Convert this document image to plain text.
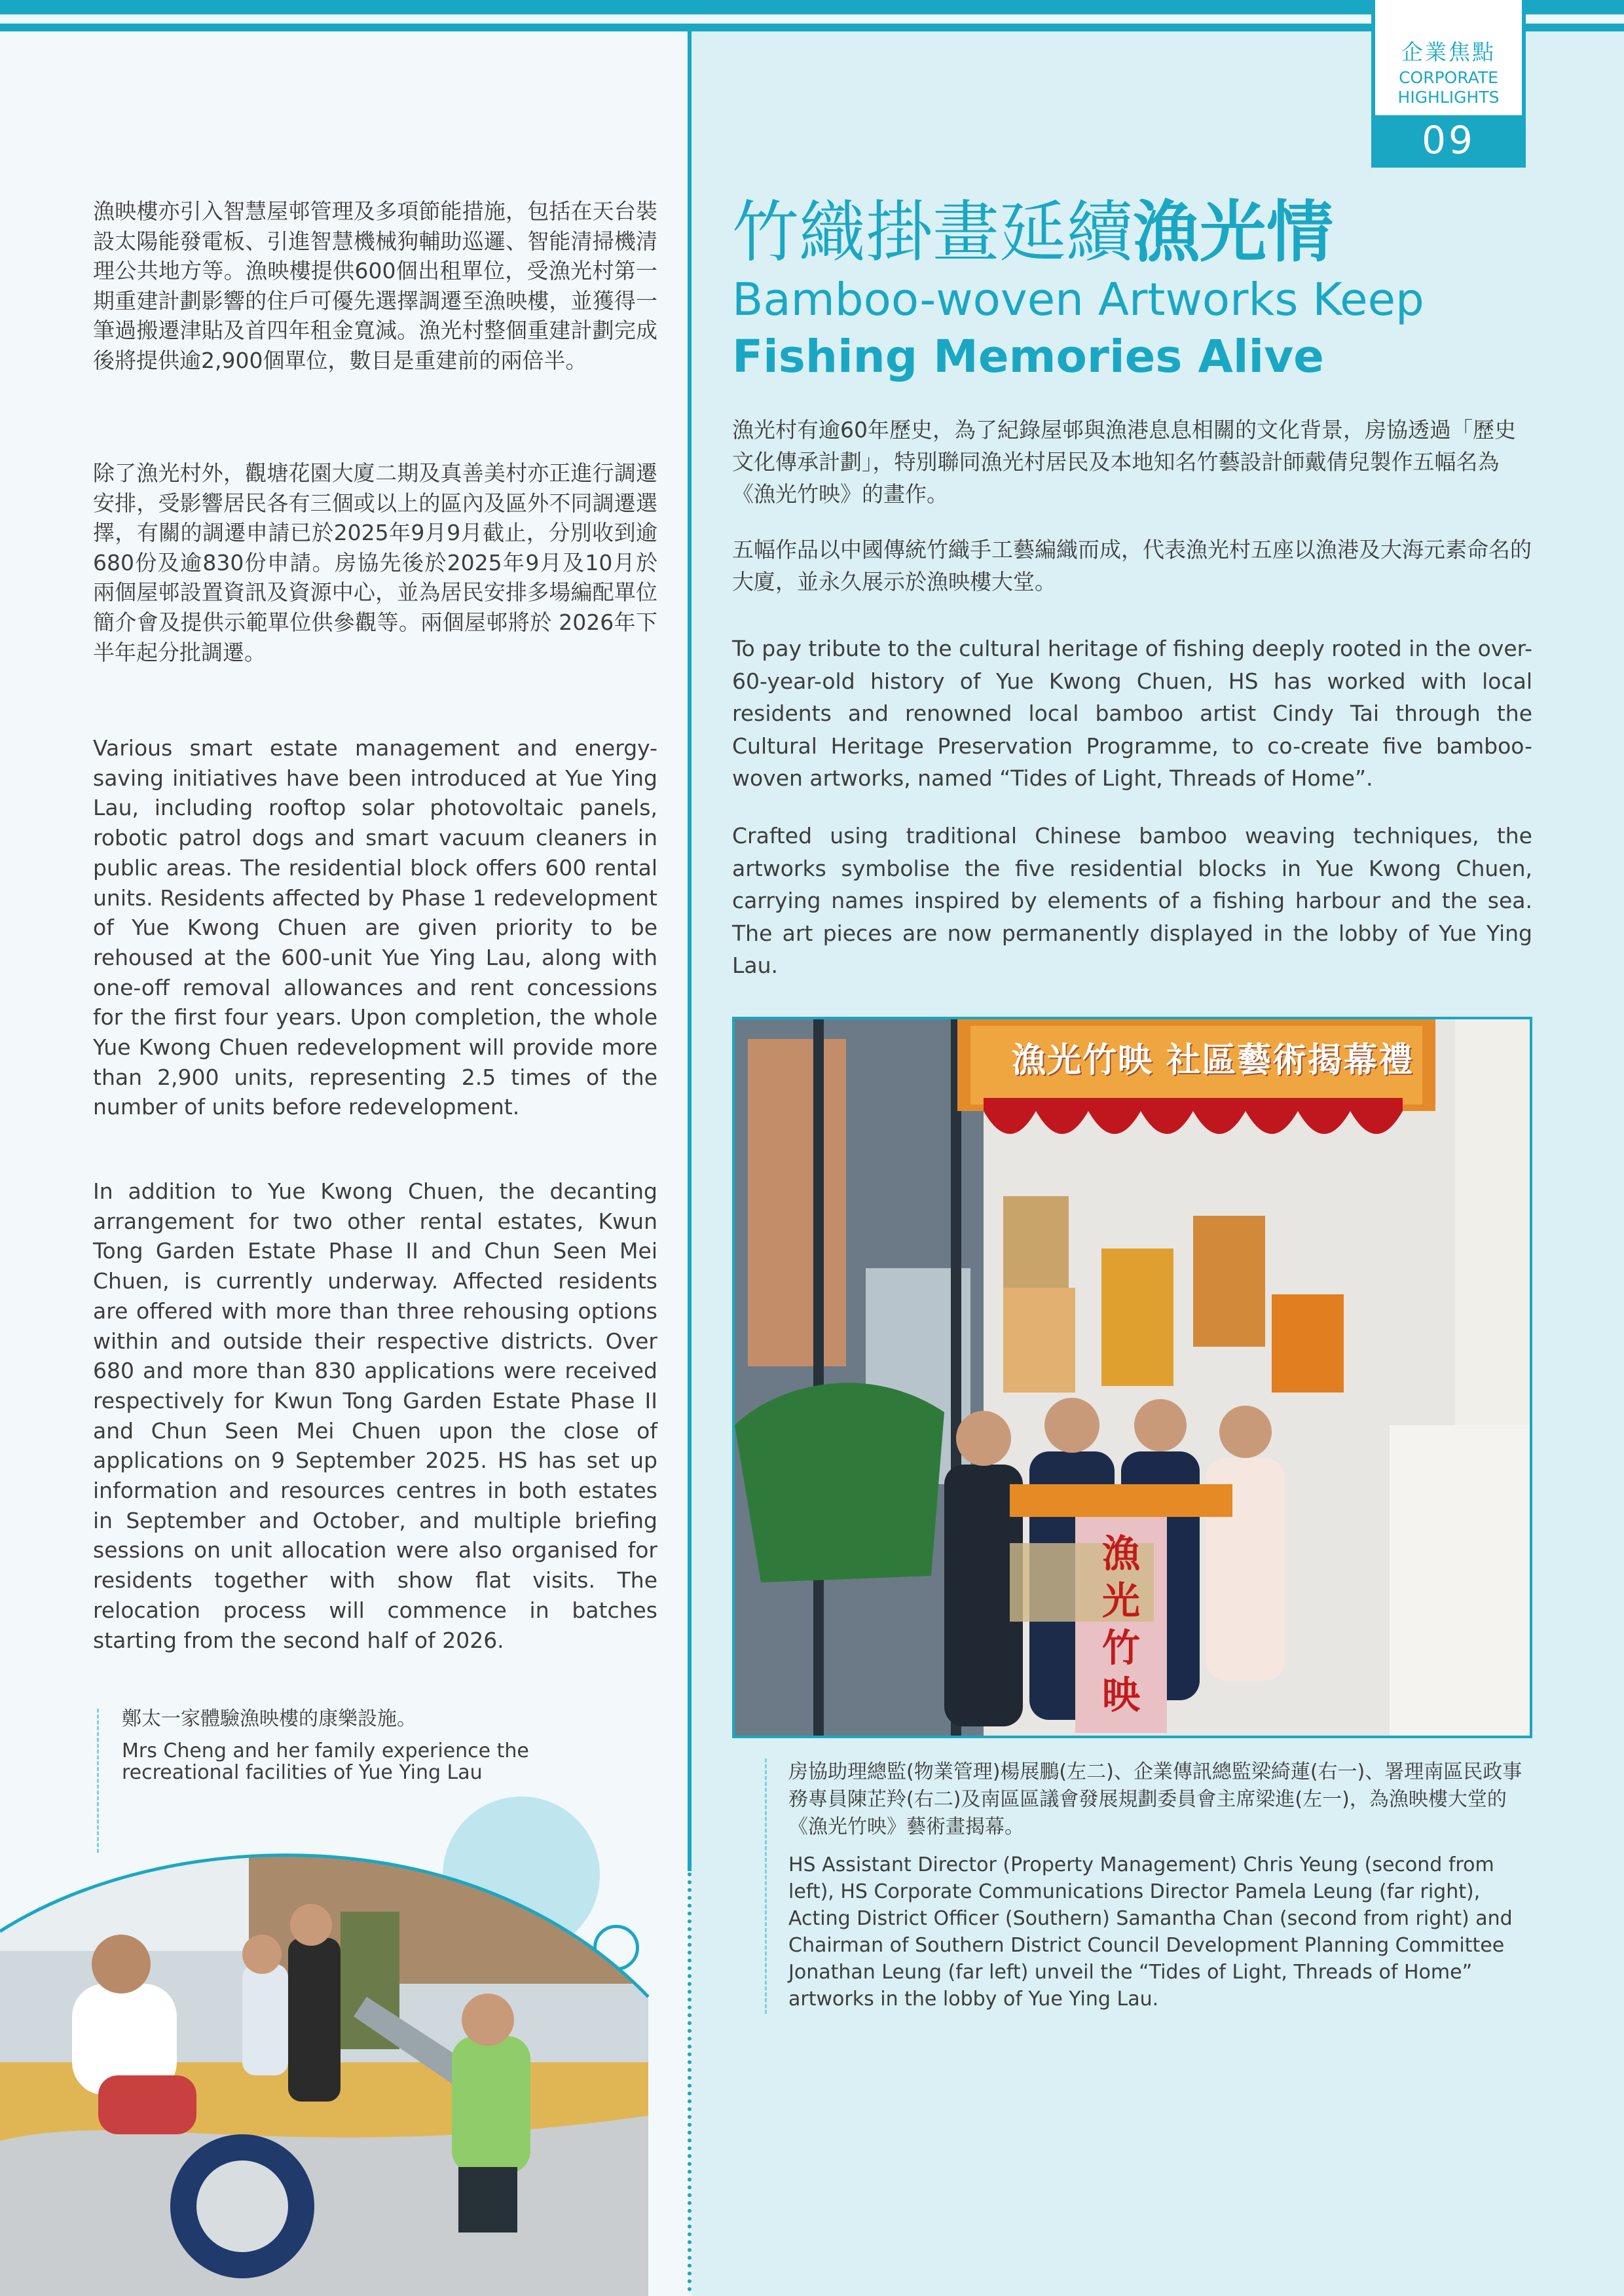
企業焦點
CORPORATE
HIGHLIGHTS
09

漁映樓亦引入智慧屋邨管理及多項節能措施，包括在天台裝設太陽能發電板、引進智慧機械狗輔助巡邏、智能清掃機清理公共地方等。漁映樓提供600個出租單位，受漁光村第一期重建計劃影響的住戶可優先選擇調遷至漁映樓，並獲得一筆過搬遷津貼及首四年租金寬減。漁光村整個重建計劃完成後將提供逾2,900個單位，數目是重建前的兩倍半。

除了漁光村外，觀塘花園大廈二期及真善美村亦正進行調遷安排，受影響居民各有三個或以上的區內及區外不同調遷選擇，有關的調遷申請已於2025年9月9月截止，分別收到逾680份及逾830份申請。房協先後於2025年9月及10月於兩個屋邨設置資訊及資源中心，並為居民安排多場編配單位簡介會及提供示範單位供參觀等。兩個屋邨將於 2026年下半年起分批調遷。

Various smart estate management and energy-saving initiatives have been introduced at Yue Ying Lau, including rooftop solar photovoltaic panels, robotic patrol dogs and smart vacuum cleaners in public areas. The residential block offers 600 rental units. Residents affected by Phase 1 redevelopment of Yue Kwong Chuen are given priority to be rehoused at the 600-unit Yue Ying Lau, along with one-off removal allowances and rent concessions for the first four years. Upon completion, the whole Yue Kwong Chuen redevelopment will provide more than 2,900 units, representing 2.5 times of the number of units before redevelopment.

In addition to Yue Kwong Chuen, the decanting arrangement for two other rental estates, Kwun Tong Garden Estate Phase II and Chun Seen Mei Chuen, is currently underway. Affected residents are offered with more than three rehousing options within and outside their respective districts. Over 680 and more than 830 applications were received respectively for Kwun Tong Garden Estate Phase II and Chun Seen Mei Chuen upon the close of applications on 9 September 2025. HS has set up information and resources centres in both estates in September and October, and multiple briefing sessions on unit allocation were also organised for residents together with show flat visits. The relocation process will commence in batches starting from the second half of 2026.

鄭太一家體驗漁映樓的康樂設施。

Mrs Cheng and her family experience the recreational facilities of Yue Ying Lau

竹織掛畫延續漁光情
Bamboo-woven Artworks Keep
Fishing Memories Alive

漁光村有逾60年歷史，為了紀錄屋邨與漁港息息相關的文化背景，房協透過「歷史文化傳承計劃」，特別聯同漁光村居民及本地知名竹藝設計師戴倩兒製作五幅名為《漁光竹映》的畫作。

五幅作品以中國傳統竹織手工藝編織而成，代表漁光村五座以漁港及大海元素命名的大廈，並永久展示於漁映樓大堂。

To pay tribute to the cultural heritage of fishing deeply rooted in the over-60-year-old history of Yue Kwong Chuen, HS has worked with local residents and renowned local bamboo artist Cindy Tai through the Cultural Heritage Preservation Programme, to co-create five bamboo-woven artworks, named “Tides of Light, Threads of Home”.

Crafted using traditional Chinese bamboo weaving techniques, the artworks symbolise the five residential blocks in Yue Kwong Chuen, carrying names inspired by elements of a fishing harbour and the sea. The art pieces are now permanently displayed in the lobby of Yue Ying Lau.

漁光竹映 社區藝術揭幕禮
漁光竹映

房協助理總監(物業管理)楊展鵬(左二)、企業傳訊總監梁綺蓮(右一)、署理南區民政事務專員陳芷羚(右二)及南區區議會發展規劃委員會主席梁進(左一)，為漁映樓大堂的《漁光竹映》藝術畫揭幕。

HS Assistant Director (Property Management) Chris Yeung (second from left), HS Corporate Communications Director Pamela Leung (far right), Acting District Officer (Southern) Samantha Chan (second from right) and Chairman of Southern District Council Development Planning Committee Jonathan Leung (far left) unveil the “Tides of Light, Threads of Home” artworks in the lobby of Yue Ying Lau.
